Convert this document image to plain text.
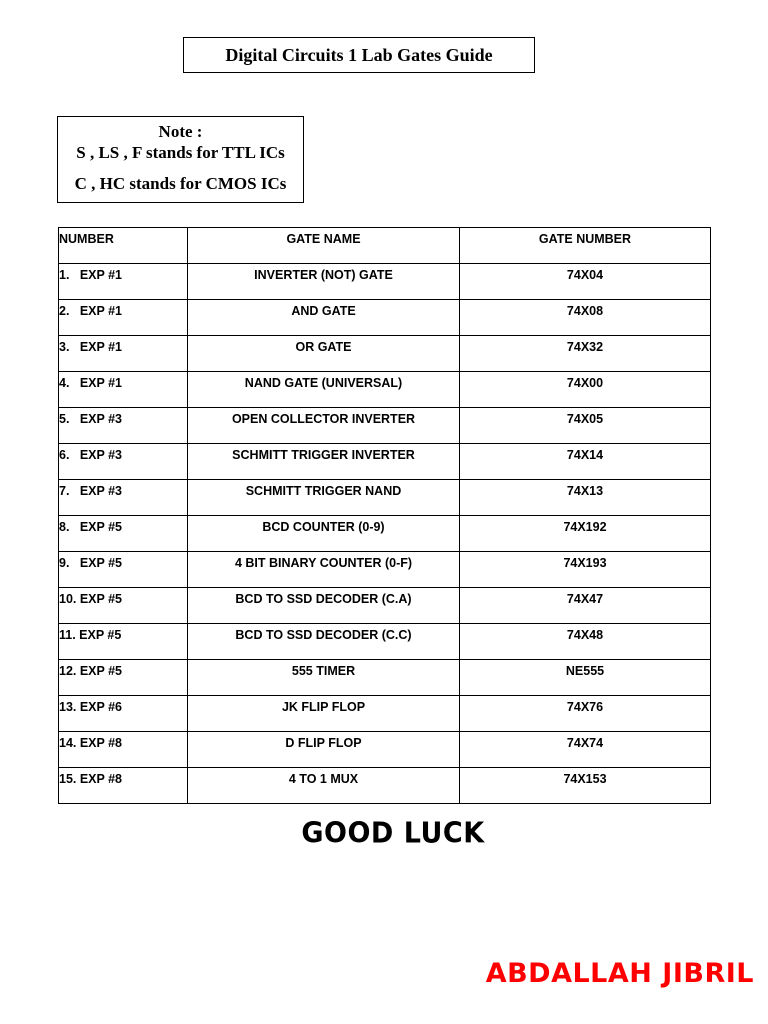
Digital Circuits 1 Lab Gates Guide
Note :
S , LS , F stands for TTL ICs
C , HC stands for CMOS ICs
NUMBER	GATE NAME	GATE NUMBER
1.   EXP #1	INVERTER (NOT) GATE	74X04
2.   EXP #1	AND GATE	74X08
3.   EXP #1	OR GATE	74X32
4.   EXP #1	NAND GATE (UNIVERSAL)	74X00
5.   EXP #3	OPEN COLLECTOR INVERTER	74X05
6.   EXP #3	SCHMITT TRIGGER INVERTER	74X14
7.   EXP #3	SCHMITT TRIGGER NAND	74X13
8.   EXP #5	BCD COUNTER (0-9)	74X192
9.   EXP #5	4 BIT BINARY COUNTER (0-F)	74X193
10. EXP #5	BCD TO SSD DECODER (C.A)	74X47
11. EXP #5	BCD TO SSD DECODER (C.C)	74X48
12. EXP #5	555 TIMER	NE555
13. EXP #6	JK FLIP FLOP	74X76
14. EXP #8	D FLIP FLOP	74X74
15. EXP #8	4 TO 1 MUX	74X153
GOOD LUCK
ABDALLAH JIBRIL
